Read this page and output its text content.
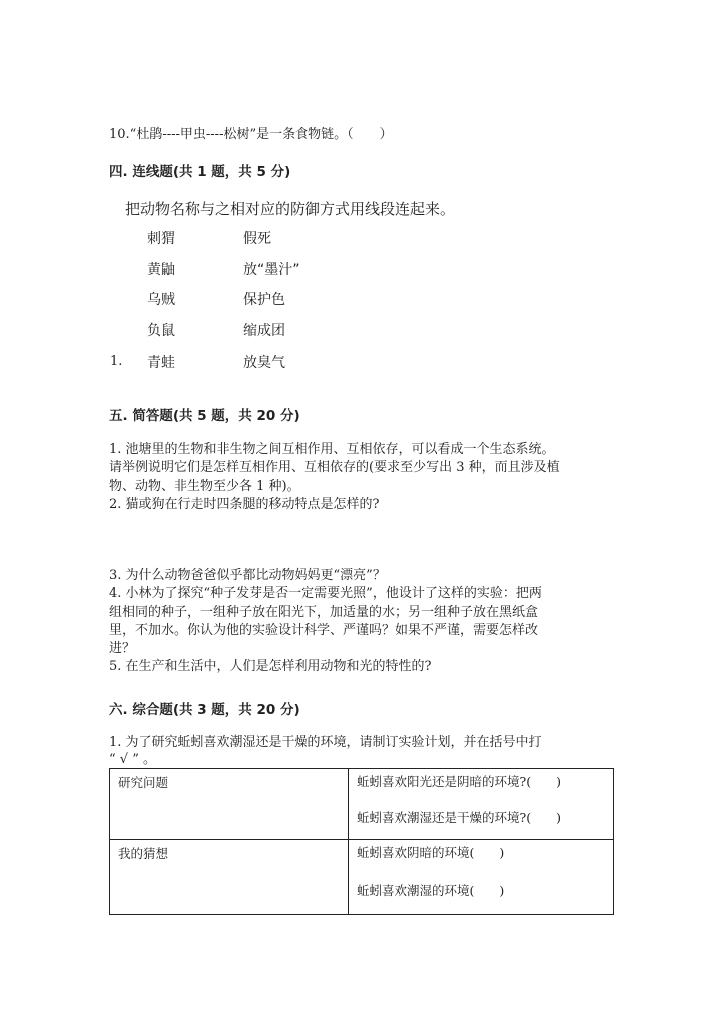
10.“杜鹃----甲虫----松树”是一条食物链。（　　）
四. 连线题(共 1 题，共 5 分)
把动物名称与之相对应的防御方式用线段连起来。
刺猬	假死
黄鼬	放“墨汁”
乌贼	保护色
负鼠	缩成团
1. 青蛙	放臭气
五. 简答题(共 5 题，共 20 分)
1. 池塘里的生物和非生物之间互相作用、互相依存，可以看成一个生态系统。
请举例说明它们是怎样互相作用、互相依存的(要求至少写出 3 种，而且涉及植
物、动物、非生物至少各 1 种)。
2. 猫或狗在行走时四条腿的移动特点是怎样的?
3. 为什么动物爸爸似乎都比动物妈妈更“漂亮”？
4. 小林为了探究“种子发芽是否一定需要光照”，他设计了这样的实验：把两
组相同的种子，一组种子放在阳光下，加适量的水；另一组种子放在黑纸盒
里，不加水。你认为他的实验设计科学、严谨吗？如果不严谨，需要怎样改
进？
5. 在生产和生活中，人们是怎样利用动物和光的特性的?
六. 综合题(共 3 题，共 20 分)
1. 为了研究蚯蚓喜欢潮湿还是干燥的环境，请制订实验计划，并在括号中打
“ √ ” 。
研究问题	蚯蚓喜欢阳光还是阴暗的环境?(　　)
蚯蚓喜欢潮湿还是干燥的环境?(　　)

我的猜想	蚯蚓喜欢阴暗的环境(　　)
蚯蚓喜欢潮湿的环境(　　)
